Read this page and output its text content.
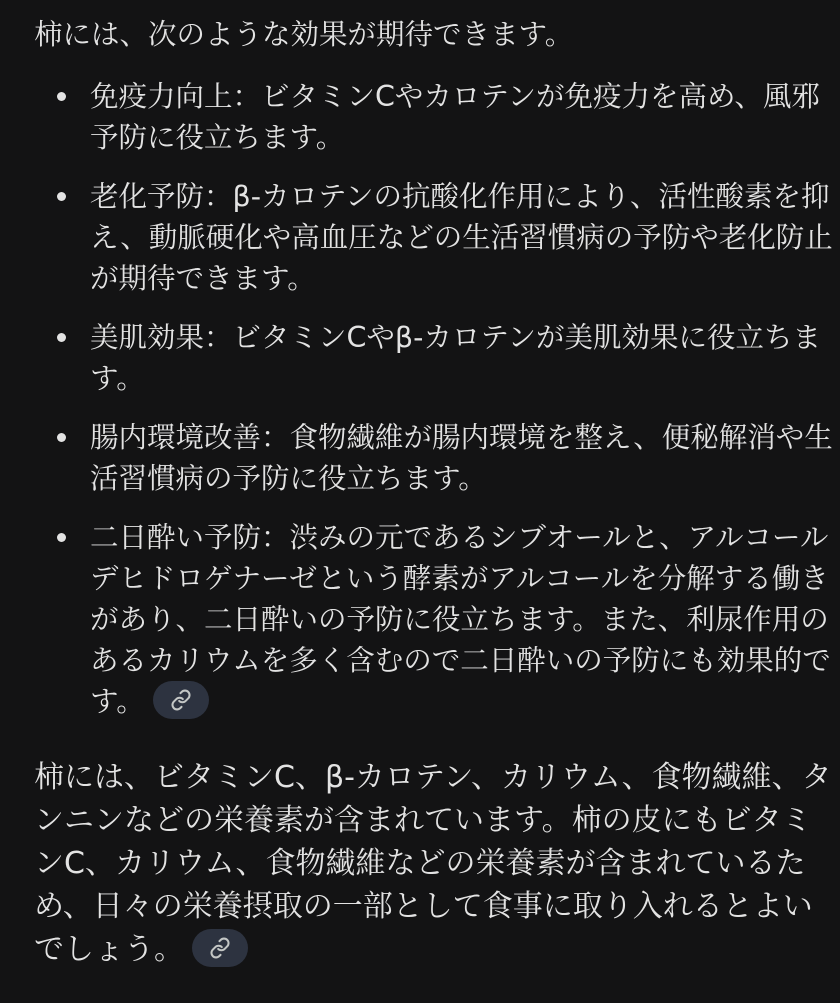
柿には、次のような効果が期待できます。

免疫力向上：ビタミンCやカロテンが免疫力を高め、風邪予防に役立ちます。
老化予防：β-カロテンの抗酸化作用により、活性酸素を抑え、動脈硬化や高血圧などの生活習慣病の予防や老化防止が期待できます。
美肌効果：ビタミンCやβ-カロテンが美肌効果に役立ちます。
腸内環境改善：食物繊維が腸内環境を整え、便秘解消や生活習慣病の予防に役立ちます。
二日酔い予防：渋みの元であるシブオールと、アルコールデヒドロゲナーゼという酵素がアルコールを分解する働きがあり、二日酔いの予防に役立ちます。また、利尿作用のあるカリウムを多く含むので二日酔いの予防にも効果的です。

柿には、ビタミンC、β-カロテン、カリウム、食物繊維、タンニンなどの栄養素が含まれています。柿の皮にもビタミンC、カリウム、食物繊維などの栄養素が含まれているため、日々の栄養摂取の一部として食事に取り入れるとよいでしょう。
